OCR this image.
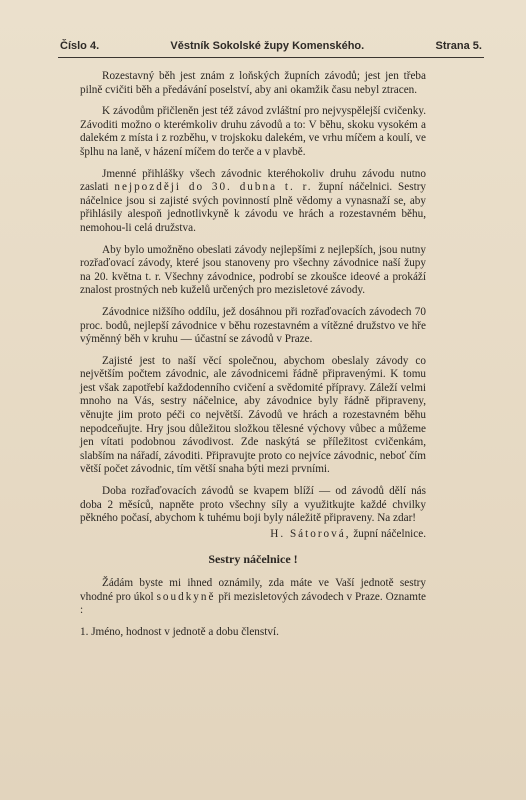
Číslo 4.	Věstník Sokolské župy Komenského.	Strana 5.

Rozestavný běh jest znám z loňských župních závodů; jest jen třeba pilně cvičiti běh a předávání poselství, aby ani okamžik času nebyl ztracen.

K závodům přičleněn jest též závod zvláštní pro nejvyspělejší cvičenky. Závoditi možno o kterémkoliv druhu závodů a to: V běhu, skoku vysokém a dalekém z místa i z rozběhu, v trojskoku dalekém, ve vrhu míčem a koulí, ve šplhu na laně, v házení míčem do terče a v plavbě.

Jmenné přihlášky všech závodnic kteréhokoliv druhu závodu nutno zaslati nejpozději do 30. dubna t. r. župní náčelnici. Sestry náčelnice jsou si zajisté svých povinností plně vědomy a vynasnaží se, aby přihlásily alespoň jednotlivkyně k závodu ve hrách a rozestavném běhu, nemohou-li celá družstva.

Aby bylo umožněno obeslati závody nejlepšími z nejlepších, jsou nutny rozřaďovací závody, které jsou stanoveny pro všechny závodnice naší župy na 20. května t. r. Všechny závodnice, podrobí se zkoušce ideové a prokáží znalost prostných neb kuželů určených pro mezisletové závody.

Závodnice nižšího oddílu, jež dosáhnou při rozřaďovacích závodech 70 proc. bodů, nejlepší závodnice v běhu rozestavném a vítězné družstvo ve hře výměnný běh v kruhu — účastní se závodů v Praze.

Zajisté jest to naší věcí společnou, abychom obeslaly závody co největším počtem závodnic, ale závodnicemi řádně připravenými. K tomu jest však zapotřebí každodenního cvičení a svědomité přípravy. Záleží velmi mnoho na Vás, sestry náčelnice, aby závodnice byly řádně připraveny, věnujte jim proto péči co největší. Závodů ve hrách a rozestavném běhu nepodceňujte. Hry jsou důležitou složkou tělesné výchovy vůbec a můžeme jen vítati podobnou závodivost. Zde naskýtá se příležitost cvičenkám, slabším na nářadí, závoditi. Připravujte proto co nejvíce závodnic, neboť čím větší počet závodnic, tím větší snaha býti mezi prvními.

Doba rozřaďovacích závodů se kvapem blíží — od závodů dělí nás doba 2 měsíců, napněte proto všechny síly a využitkujte každé chvilky pěkného počasí, abychom k tuhému boji byly náležitě připraveny. Na zdar!

H. Sátorová, župní náčelnice.
Sestry náčelnice !

Žádám byste mi ihned oznámily, zda máte ve Vaší jednotě sestry vhodné pro úkol soudkyně při mezisletových závodech v Praze. Oznamte :

1. Jméno, hodnost v jednotě a dobu členství.
